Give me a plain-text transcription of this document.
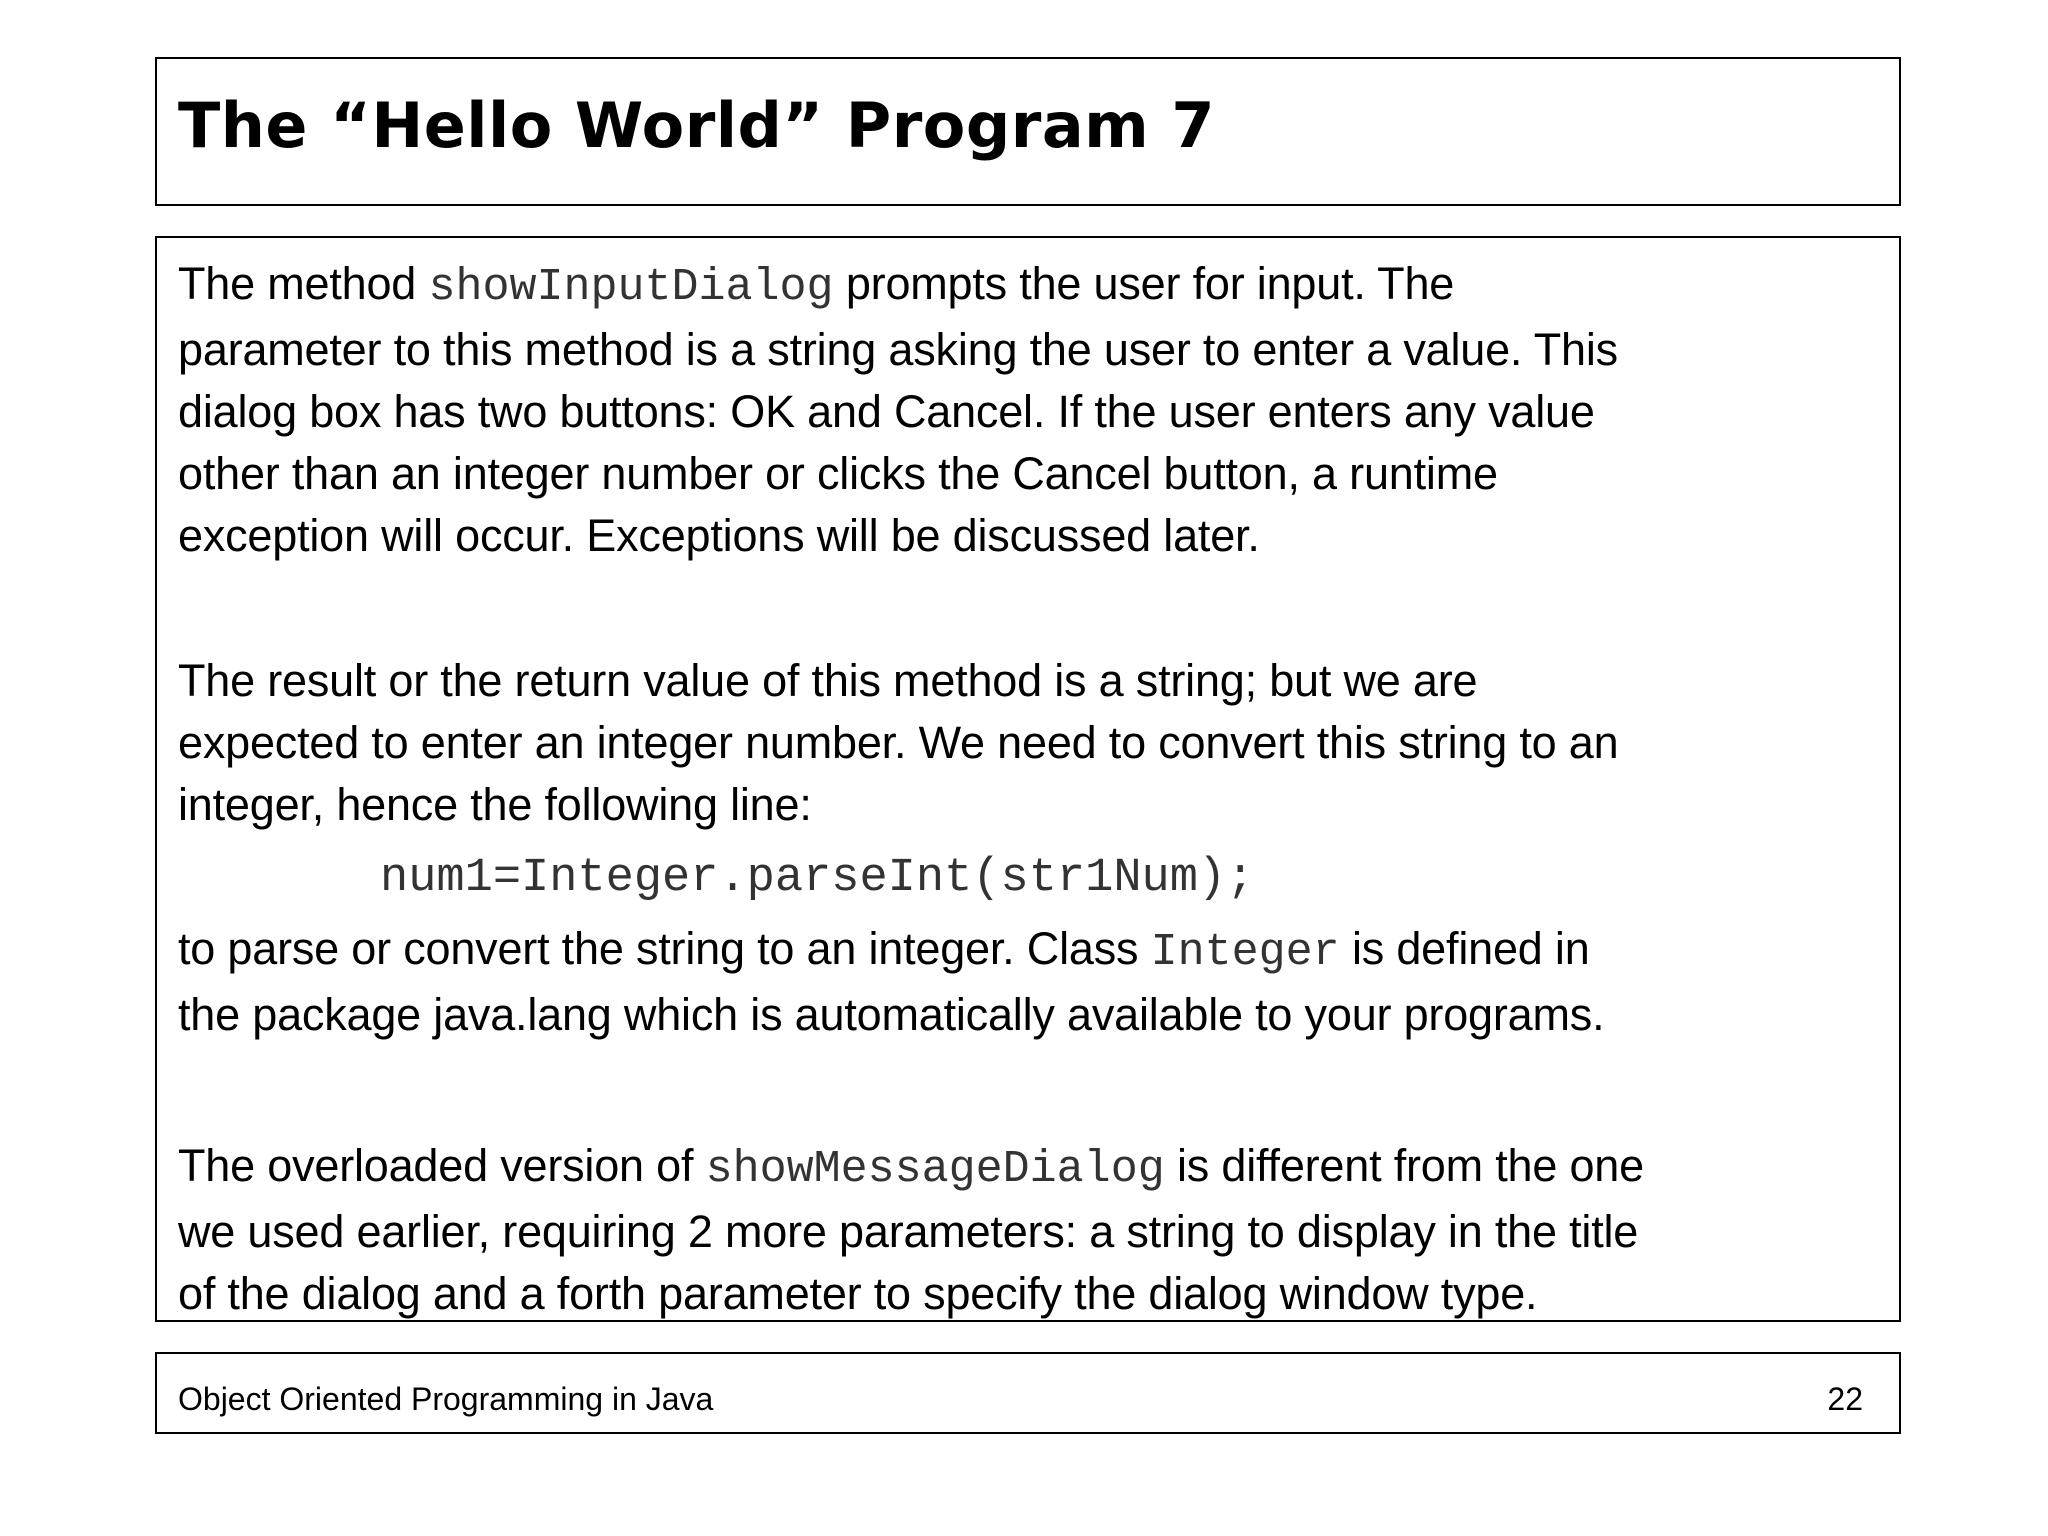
The “Hello World” Program 7

The method showInputDialog prompts the user for input. The
parameter to this method is a string asking the user to enter a value. This
dialog box has two buttons: OK and Cancel. If the user enters any value
other than an integer number or clicks the Cancel button, a runtime
exception will occur. Exceptions will be discussed later.

The result or the return value of this method is a string; but we are
expected to enter an integer number. We need to convert this string to an
integer, hence the following line:

num1=Integer.parseInt(str1Num);

to parse or convert the string to an integer. Class Integer is defined in
the package java.lang which is automatically available to your programs.

The overloaded version of showMessageDialog is different from the one
we used earlier, requiring 2 more parameters: a string to display in the title
of the dialog and a forth parameter to specify the dialog window type.

Object Oriented Programming in Java	22
